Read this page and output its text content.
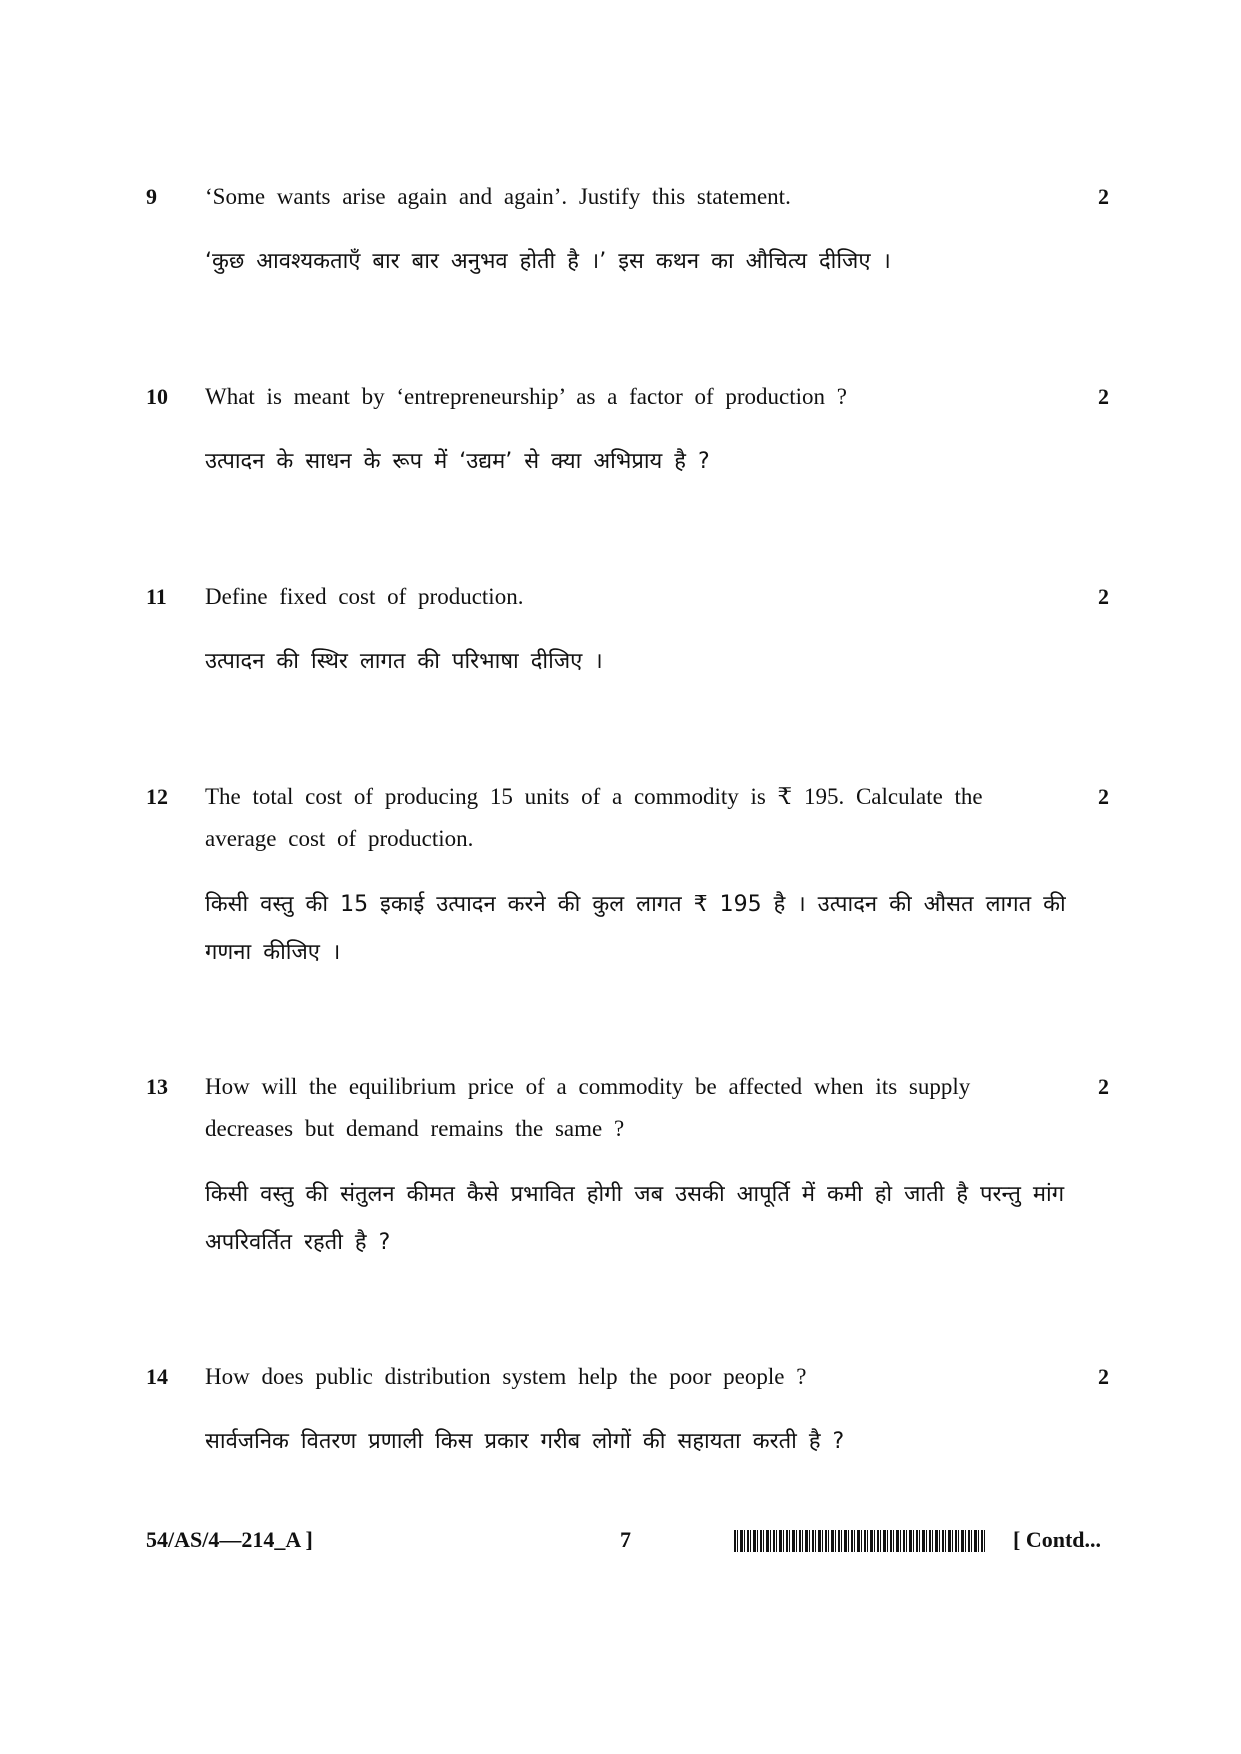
9 ‘Some wants arise again and again’. Justify this statement.	2
‘कुछ आवश्यकताएँ बार बार अनुभव होती है ।’ इस कथन का औचित्य दीजिए ।
10 What is meant by ‘entrepreneurship’ as a factor of production ?	2
उत्पादन के साधन के रूप में ‘उद्यम’ से क्या अभिप्राय है ?
11 Define fixed cost of production.	2
उत्पादन की स्थिर लागत की परिभाषा दीजिए ।
12 The total cost of producing 15 units of a commodity is ₹ 195. Calculate the average cost of production.
2
किसी वस्तु की 15 इकाई उत्पादन करने की कुल लागत ₹ 195 है । उत्पादन की औसत लागत की गणना कीजिए ।
13 How will the equilibrium price of a commodity be affected when its supply decreases but demand remains the same ?
2
किसी वस्तु की संतुलन कीमत कैसे प्रभावित होगी जब उसकी आपूर्ति में कमी हो जाती है परन्तु मांग अपरिवर्तित रहती है ?
14 How does public distribution system help the poor people ?	2
सार्वजनिक वितरण प्रणाली किस प्रकार गरीब लोगों की सहायता करती है ?
54/AS/4—214_A ]	7	[ Contd...
